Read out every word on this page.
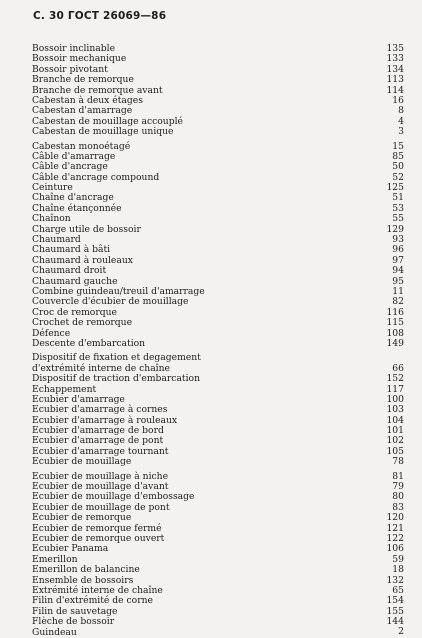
С. 30 ГОСТ 26069—86
Bossoir inclinable	135
Bossoir mechanique	133
Bossoir pivotant	134
Branche de remorque	113
Branche de remorque avant	114
Cabestan à deux étages	16
Cabestan d'amarrage	8
Cabestan de mouillage accouplé	4
Cabestan de mouillage unique	3
Cabestan monoétagé	15
Câble d'amarrage	85
Câble d'ancrage	50
Câble d'ancrage compound	52
Ceinture	125
Chaîne d'ancrage	51
Chaîne étançonnée	53
Chaînon	55
Charge utile de bossoir	129
Chaumard	93
Chaumard à bâti	96
Chaumard à rouleaux	97
Chaumard droit	94
Chaumard gauche	95
Combine guindeau/treuil d'amarrage	11
Couvercle d'écubier de mouillage	82
Croc de remorque	116
Crochet de remorque	115
Défence	108
Descente d'embarcation	149
Dispositif de fixation et degagement
d'extrémité interne de chaîne	66
Dispositif de traction d'embarcation	152
Echappement	117
Ecubier d'amarrage	100
Ecubier d'amarrage à cornes	103
Ecubier d'amarrage à rouleaux	104
Ecubier d'amarrage de bord	101
Ecubier d'amarrage de pont	102
Ecubier d'amarrage tournant	105
Ecubier de mouillage	78
Ecubier de mouillage à niche	81
Ecubier de mouillage d'avant	79
Ecubier de mouillage d'embossage	80
Ecubier de mouillage de pont	83
Ecubier de remorque	120
Ecubier de remorque fermé	121
Ecubier de remorque ouvert	122
Ecubier Panama	106
Emerillon	59
Emerillon de balancine	18
Ensemble de bossoirs	132
Extrémité interne de chaîne	65
Filin d'extrémité de corne	154
Filin de sauvetage	155
Flèche de bossoir	144
Guindeau	2
